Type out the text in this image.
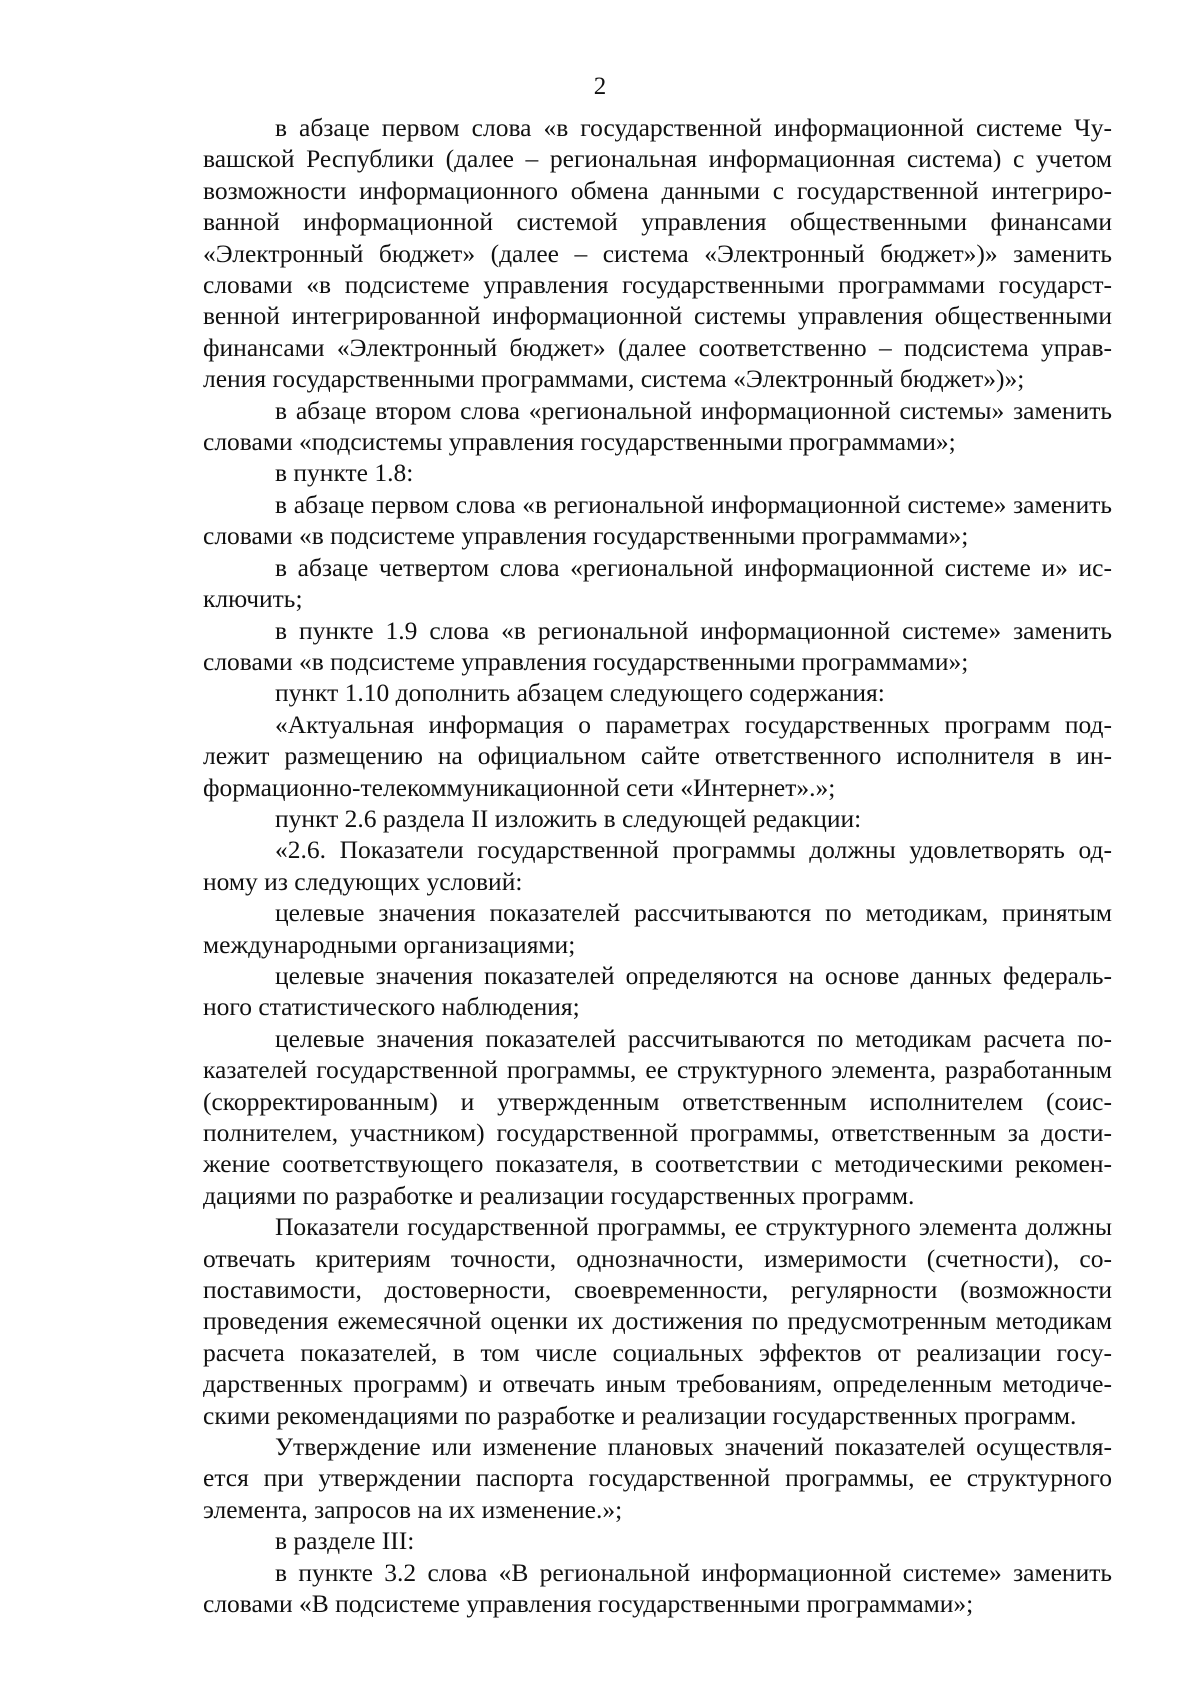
2

в абзаце первом слова «в государственной информационной системе Чувашской Республики (далее – региональная информационная система) с учетом возможности информационного обмена данными с государственной интегрированной информационной системой управления общественными финансами «Электронный бюджет» (далее – система «Электронный бюджет»)» заменить словами «в подсистеме управления государственными программами государственной интегрированной информационной системы управления общественными финансами «Электронный бюджет» (далее соответственно – подсистема управления государственными программами, система «Электронный бюджет»)»;

в абзаце втором слова «региональной информационной системы» заменить словами «подсистемы управления государственными программами»;

в пункте 1.8:

в абзаце первом слова «в региональной информационной системе» заменить словами «в подсистеме управления государственными программами»;

в абзаце четвертом слова «региональной информационной системе и» исключить;

в пункте 1.9 слова «в региональной информационной системе» заменить словами «в подсистеме управления государственными программами»;

пункт 1.10 дополнить абзацем следующего содержания:

«Актуальная информация о параметрах государственных программ подлежит размещению на официальном сайте ответственного исполнителя в информационно-телекоммуникационной сети «Интернет».»;

пункт 2.6 раздела II изложить в следующей редакции:

«2.6. Показатели государственной программы должны удовлетворять одному из следующих условий:

целевые значения показателей рассчитываются по методикам, принятым международными организациями;

целевые значения показателей определяются на основе данных федерального статистического наблюдения;

целевые значения показателей рассчитываются по методикам расчета показателей государственной программы, ее структурного элемента, разработанным (скорректированным) и утвержденным ответственным исполнителем (соисполнителем, участником) государственной программы, ответственным за достижение соответствующего показателя, в соответствии с методическими рекомендациями по разработке и реализации государственных программ.

Показатели государственной программы, ее структурного элемента должны отвечать критериям точности, однозначности, измеримости (счетности), сопоставимости, достоверности, своевременности, регулярности (возможности проведения ежемесячной оценки их достижения по предусмотренным методикам расчета показателей, в том числе социальных эффектов от реализации государственных программ) и отвечать иным требованиям, определенным методическими рекомендациями по разработке и реализации государственных программ.

Утверждение или изменение плановых значений показателей осуществляется при утверждении паспорта государственной программы, ее структурного элемента, запросов на их изменение.»;

в разделе III:

в пункте 3.2 слова «В региональной информационной системе» заменить словами «В подсистеме управления государственными программами»;
